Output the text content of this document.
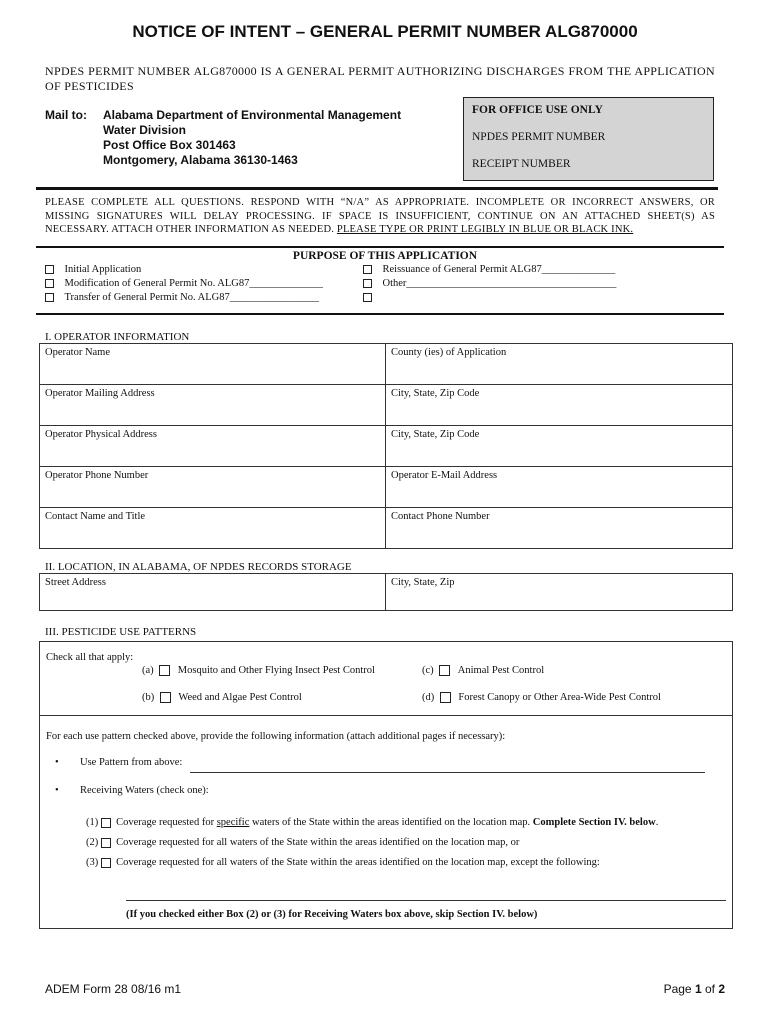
NOTICE OF INTENT – GENERAL PERMIT NUMBER ALG870000
NPDES PERMIT NUMBER ALG870000 IS A GENERAL PERMIT AUTHORIZING DISCHARGES FROM THE APPLICATION OF PESTICIDES
Mail to: Alabama Department of Environmental Management
Water Division
Post Office Box 301463
Montgomery, Alabama 36130-1463
FOR OFFICE USE ONLY
NPDES PERMIT NUMBER
RECEIPT NUMBER
PLEASE COMPLETE ALL QUESTIONS. RESPOND WITH “N/A” AS APPROPRIATE. INCOMPLETE OR INCORRECT ANSWERS, OR MISSING SIGNATURES WILL DELAY PROCESSING. IF SPACE IS INSUFFICIENT, CONTINUE ON AN ATTACHED SHEET(S) AS NECESSARY. ATTACH OTHER INFORMATION AS NEEDED. PLEASE TYPE OR PRINT LEGIBLY IN BLUE OR BLACK INK.
PURPOSE OF THIS APPLICATION
Initial Application
Modification of General Permit No. ALG87______________
Transfer of General Permit No. ALG87_________________
Reissuance of General Permit ALG87______________
Other________________________________________
I. OPERATOR INFORMATION
Operator Name	County (ies) of Application
Operator Mailing Address	City, State, Zip Code
Operator Physical Address	City, State, Zip Code
Operator Phone Number	Operator E-Mail Address
Contact Name and Title	Contact Phone Number
II. LOCATION, IN ALABAMA, OF NPDES RECORDS STORAGE
Street Address	City, State, Zip
III. PESTICIDE USE PATTERNS
Check all that apply:
(a) Mosquito and Other Flying Insect Pest Control	(c) Animal Pest Control
(b) Weed and Algae Pest Control	(d) Forest Canopy or Other Area-Wide Pest Control
For each use pattern checked above, provide the following information (attach additional pages if necessary):
• Use Pattern from above:
• Receiving Waters (check one):
(1) Coverage requested for specific waters of the State within the areas identified on the location map. Complete Section IV. below.
(2) Coverage requested for all waters of the State within the areas identified on the location map, or
(3) Coverage requested for all waters of the State within the areas identified on the location map, except the following:
(If you checked either Box (2) or (3) for Receiving Waters box above, skip Section IV. below)
ADEM Form 28 08/16 m1	Page 1 of 2
